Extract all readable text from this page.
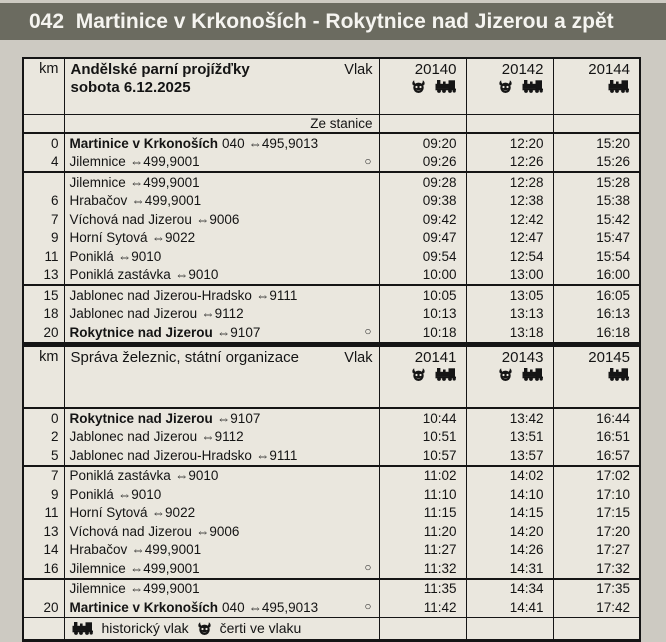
042  Martinice v Krkonoších - Rokytnice nad Jizerou a zpět
km	Andělské parní projížďky Vlak
sobota 6.12.2025	20140	20142	20144

	Ze stanice			
0	Martinice v Krkonoších 040 ⇔495,9013	09:20	12:20	15:20
4	Jilemnice ⇔499,9001 ○	09:26	12:26	15:26

	Jilemnice ⇔499,9001	09:28	12:28	15:28
6	Hrabačov ⇔499,9001	09:38	12:38	15:38
7	Víchová nad Jizerou ⇔9006	09:42	12:42	15:42
9	Horní Sytová ⇔9022	09:47	12:47	15:47
11	Poniklá ⇔9010	09:54	12:54	15:54
13	Poniklá zastávka ⇔9010	10:00	13:00	16:00
15	Jablonec nad Jizerou-Hradsko ⇔9111	10:05	13:05	16:05
18	Jablonec nad Jizerou ⇔9112	10:13	13:13	16:13
20	Rokytnice nad Jizerou ⇔9107 ○	10:18	13:18	16:18
km	Správa železnic, státní organizace Vlak	20141	20143	20145

0	Rokytnice nad Jizerou ⇔9107	10:44	13:42	16:44
2	Jablonec nad Jizerou ⇔9112	10:51	13:51	16:51
5	Jablonec nad Jizerou-Hradsko ⇔9111	10:57	13:57	16:57
7	Poniklá zastávka ⇔9010	11:02	14:02	17:02
9	Poniklá ⇔9010	11:10	14:10	17:10
11	Horní Sytová ⇔9022	11:15	14:15	17:15
13	Víchová nad Jizerou ⇔9006	11:20	14:20	17:20
14	Hrabačov ⇔499,9001	11:27	14:26	17:27
16	Jilemnice ⇔499,9001 ○	11:32	14:31	17:32

	Jilemnice ⇔499,9001	11:35	14:34	17:35
20	Martinice v Krkonoších 040 ⇔495,9013 ○	11:42	14:41	17:42

	historický vlak čerti ve vlaku			
